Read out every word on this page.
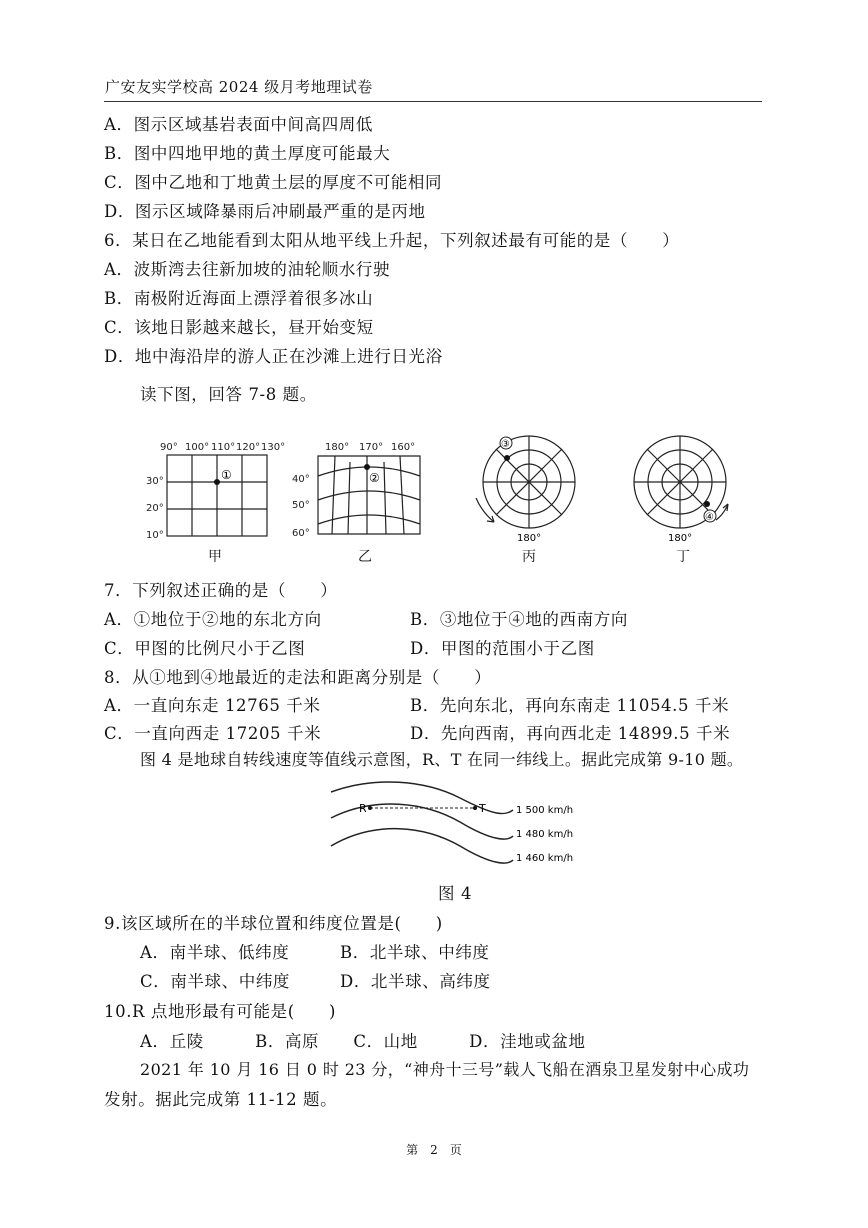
广安友实学校高 2024 级月考地理试卷
A．图示区域基岩表面中间高四周低
B．图中四地甲地的黄土厚度可能最大
C．图中乙地和丁地黄土层的厚度不可能相同
D．图示区域降暴雨后冲刷最严重的是丙地
6．某日在乙地能看到太阳从地平线上升起，下列叙述最有可能的是（　　）
A．波斯湾去往新加坡的油轮顺水行驶
B．南极附近海面上漂浮着很多冰山
C．该地日影越来越长，昼开始变短
D．地中海沿岸的游人正在沙滩上进行日光浴
读下图，回答 7-8 题。
90° 100° 110° 120° 130°
30°
20°
10°
①
甲
180° 170° 160°
40°
50°
60°
②
乙
③
180°
丙
④
180°
丁
7．下列叙述正确的是（　　）
A．①地位于②地的东北方向	B．③地位于④地的西南方向
C．甲图的比例尺小于乙图	D．甲图的范围小于乙图
8．从①地到④地最近的走法和距离分别是（　　）
A．一直向东走 12765 千米	B．先向东北，再向东南走 11054.5 千米
C．一直向西走 17205 千米	D．先向西南，再向西北走 14899.5 千米
图 4 是地球自转线速度等值线示意图，R、T 在同一纬线上。据此完成第 9-10 题。
R	T	1 500 km/h
1 480 km/h
1 460 km/h
图 4
9.该区域所在的半球位置和纬度位置是(　　)
A．南半球、低纬度	B．北半球、中纬度
C．南半球、中纬度	D．北半球、高纬度
10.R 点地形最有可能是(　　)
A．丘陵　　　B．高原　　C．山地　　　D．洼地或盆地
2021 年 10 月 16 日 0 时 23 分，“神舟十三号”载人飞船在酒泉卫星发射中心成功
发射。据此完成第 11-12 题。
第　2　页
